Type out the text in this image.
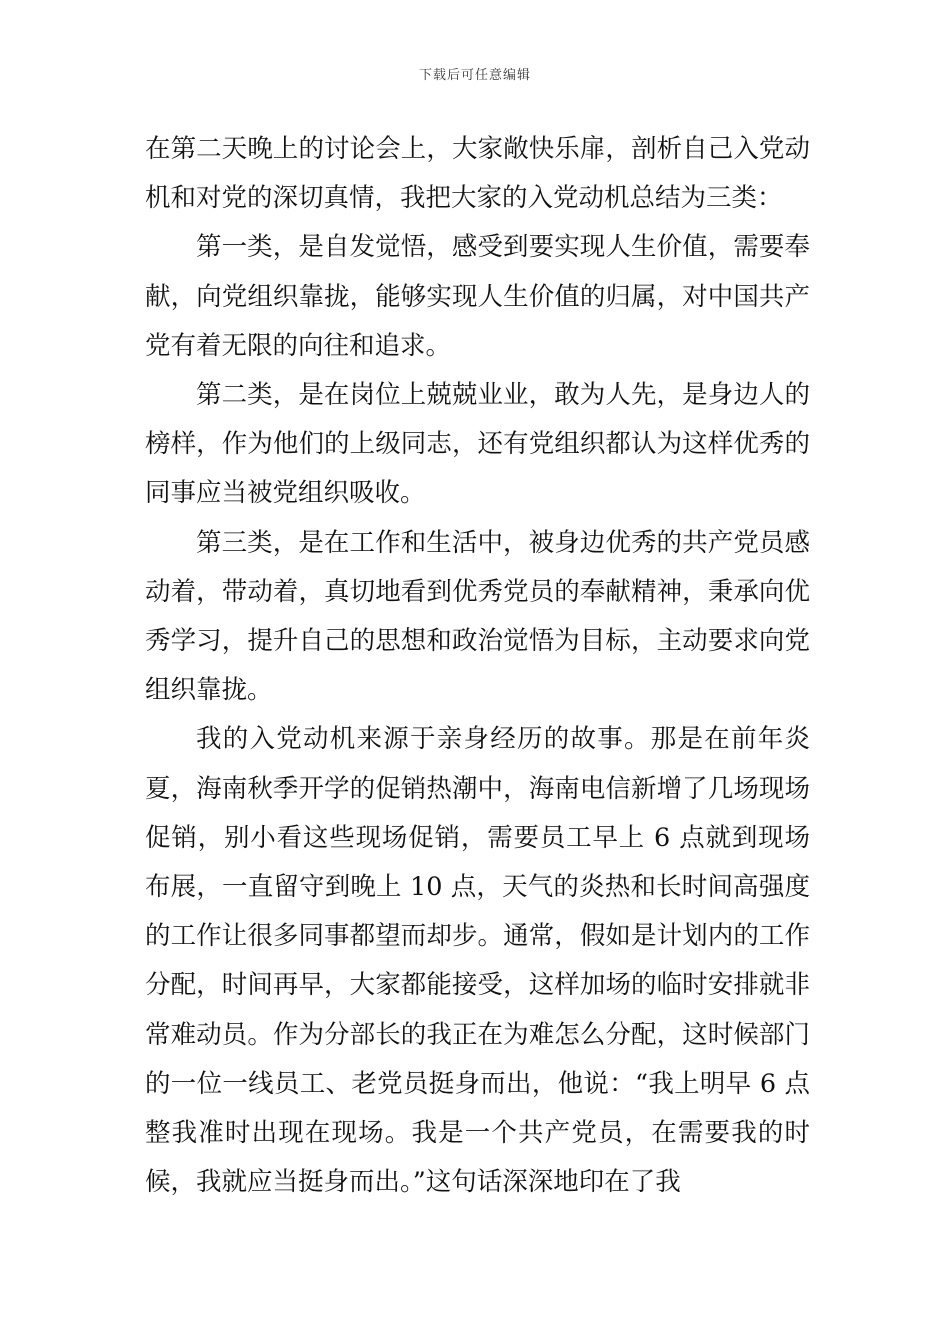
下载后可任意编辑

在第二天晚上的讨论会上，大家敞快乐扉，剖析自己入党动机和对党的深切真情，我把大家的入党动机总结为三类：

第一类，是自发觉悟，感受到要实现人生价值，需要奉献，向党组织靠拢，能够实现人生价值的归属，对中国共产党有着无限的向往和追求。

第二类，是在岗位上兢兢业业，敢为人先，是身边人的榜样，作为他们的上级同志，还有党组织都认为这样优秀的同事应当被党组织吸收。

第三类，是在工作和生活中，被身边优秀的共产党员感动着，带动着，真切地看到优秀党员的奉献精神，秉承向优秀学习，提升自己的思想和政治觉悟为目标，主动要求向党组织靠拢。

我的入党动机来源于亲身经历的故事。那是在前年炎夏，海南秋季开学的促销热潮中，海南电信新增了几场现场促销，别小看这些现场促销，需要员工早上 6 点就到现场布展，一直留守到晚上 10 点，天气的炎热和长时间高强度的工作让很多同事都望而却步。通常，假如是计划内的工作分配，时间再早，大家都能接受，这样加场的临时安排就非常难动员。作为分部长的我正在为难怎么分配，这时候部门的一位一线员工、老党员挺身而出，他说：“我上明早 6 点整我准时出现在现场。我是一个共产党员，在需要我的时候，我就应当挺身而出。”这句话深深地印在了我
